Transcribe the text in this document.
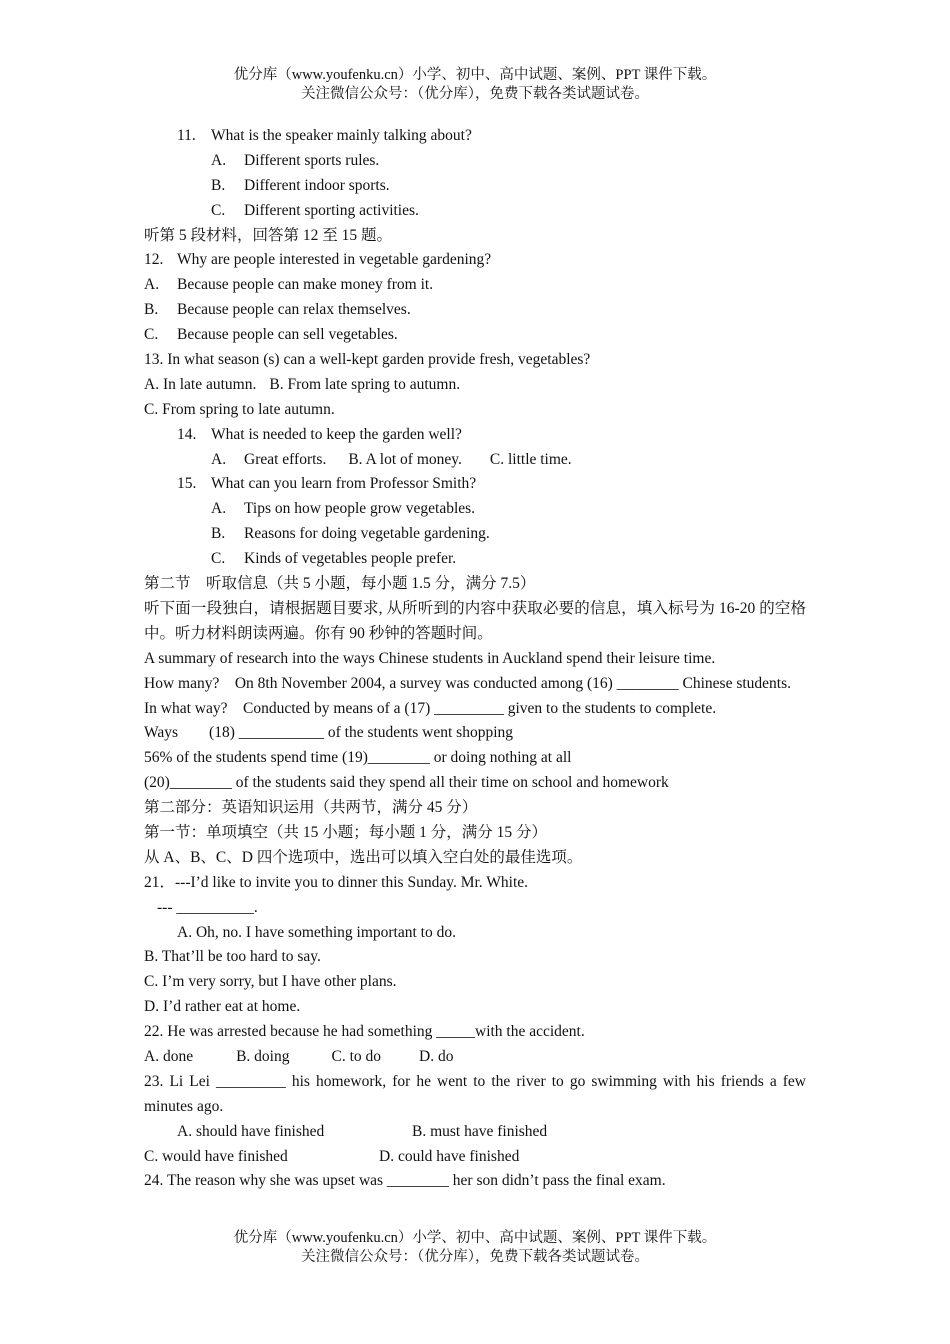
优分库（www.youfenku.cn）小学、初中、高中试题、案例、PPT 课件下载。
关注微信公众号：（优分库），免费下载各类试题试卷。
11. What is the speaker mainly talking about?
A. Different sports rules.
B. Different indoor sports.
C. Different sporting activities.
听第 5 段材料，回答第 12 至 15 题。
12. Why are people interested in vegetable gardening?
A. Because people can make money from it.
B. Because people can relax themselves.
C. Because people can sell vegetables.
13. In what season (s) can a well-kept garden provide fresh, vegetables?
A. In late autumn. B. From late spring to autumn.
C. From spring to late autumn.
14. What is needed to keep the garden well?
A. Great efforts. B. A lot of money. C. little time.
15. What can you learn from Professor Smith?
A. Tips on how people grow vegetables.
B. Reasons for doing vegetable gardening.
C. Kinds of vegetables people prefer.
第二节　听取信息（共 5 小题，每小题 1.5 分，满分 7.5）
听下面一段独白，请根据题目要求, 从所听到的内容中获取必要的信息，填入标号为 16-20 的空格中。听力材料朗读两遍。你有 90 秒钟的答题时间。
A summary of research into the ways Chinese students in Auckland spend their leisure time.
How many?　On 8th November 2004, a survey was conducted among (16) ________ Chinese students.
In what way?　Conducted by means of a (17) _________ given to the students to complete.
Ways　　(18) ___________ of the students went shopping
56% of the students spend time (19)________ or doing nothing at all
(20)________ of the students said they spend all their time on school and homework
第二部分：英语知识运用（共两节，满分 45 分）
第一节：单项填空（共 15 小题；每小题 1 分，满分 15 分）
从 A、B、C、D 四个选项中，选出可以填入空白处的最佳选项。
21．---I’d like to invite you to dinner this Sunday. Mr. White.
--- __________.
A. Oh, no. I have something important to do.
B. That’ll be too hard to say.
C. I’m very sorry, but I have other plans.
D. I’d rather eat at home.
22. He was arrested because he had something _____with the accident.
A. done	B. doing	C. to do D. do
23. Li Lei _________ his homework, for he went to the river to go swimming with his friends a few minutes ago.
A. should have finished	B. must have finished
C. would have finished	D. could have finished
24. The reason why she was upset was ________ her son didn’t pass the final exam.
优分库（www.youfenku.cn）小学、初中、高中试题、案例、PPT 课件下载。
关注微信公众号：（优分库），免费下载各类试题试卷。
